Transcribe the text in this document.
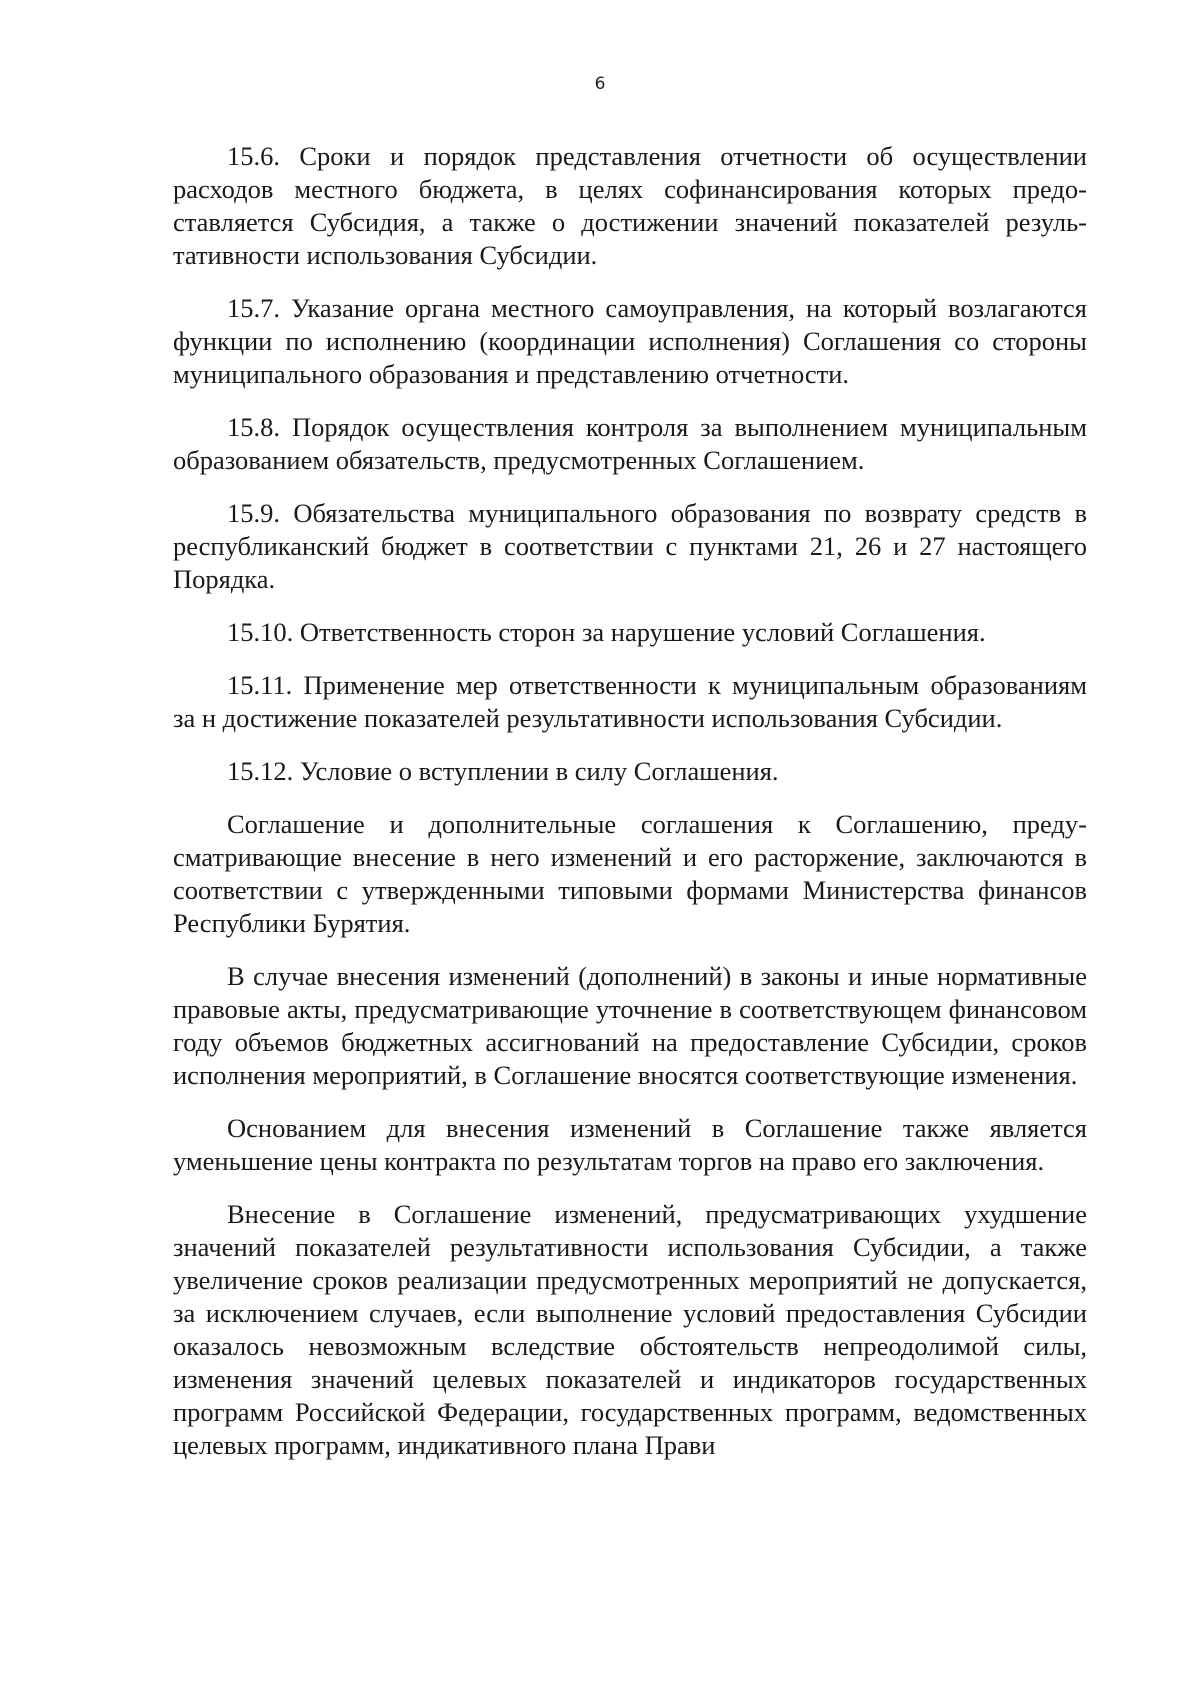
6

15.6. Сроки и порядок представления отчетности об осуществлении расходов местного бюджета, в целях софинансирования которых предоставляется Субсидия, а также о достижении значений показателей результативности использования Субсидии.

15.7. Указание органа местного самоуправления, на который возлагаются функции по исполнению (координации исполнения) Соглашения со стороны муниципального образования и представлению отчетности.

15.8. Порядок осуществления контроля за выполнением муниципальным образованием обязательств, предусмотренных Соглашением.

15.9. Обязательства муниципального образования по возврату средств в республиканский бюджет в соответствии с пунктами 21, 26 и 27 настоящего Порядка.

15.10. Ответственность сторон за нарушение условий Соглашения.

15.11. Применение мер ответственности к муниципальным образованиям за н достижение показателей результативности использования Субсидии.

15.12. Условие о вступлении в силу Соглашения.

Соглашение и дополнительные соглашения к Соглашению, предусматривающие внесение в него изменений и его расторжение, заключаются в соответствии с утвержденными типовыми формами Министерства финансов Республики Бурятия.

В случае внесения изменений (дополнений) в законы и иные нормативные правовые акты, предусматривающие уточнение в соответствующем финансовом году объемов бюджетных ассигнований на предоставление Субсидии, сроков исполнения мероприятий, в Соглашение вносятся соответствующие изменения.

Основанием для внесения изменений в Соглашение также является уменьшение цены контракта по результатам торгов на право его заключения.

Внесение в Соглашение изменений, предусматривающих ухудшение значений показателей результативности использования Субсидии, а также увеличение сроков реализации предусмотренных мероприятий не допускается, за исключением случаев, если выполнение условий предоставления Субсидии оказалось невозможным вследствие обстоятельств непреодолимой силы, изменения значений целевых показателей и индикаторов государственных программ Российской Федерации, государственных программ, ведомственных целевых программ, индикативного плана Прави
